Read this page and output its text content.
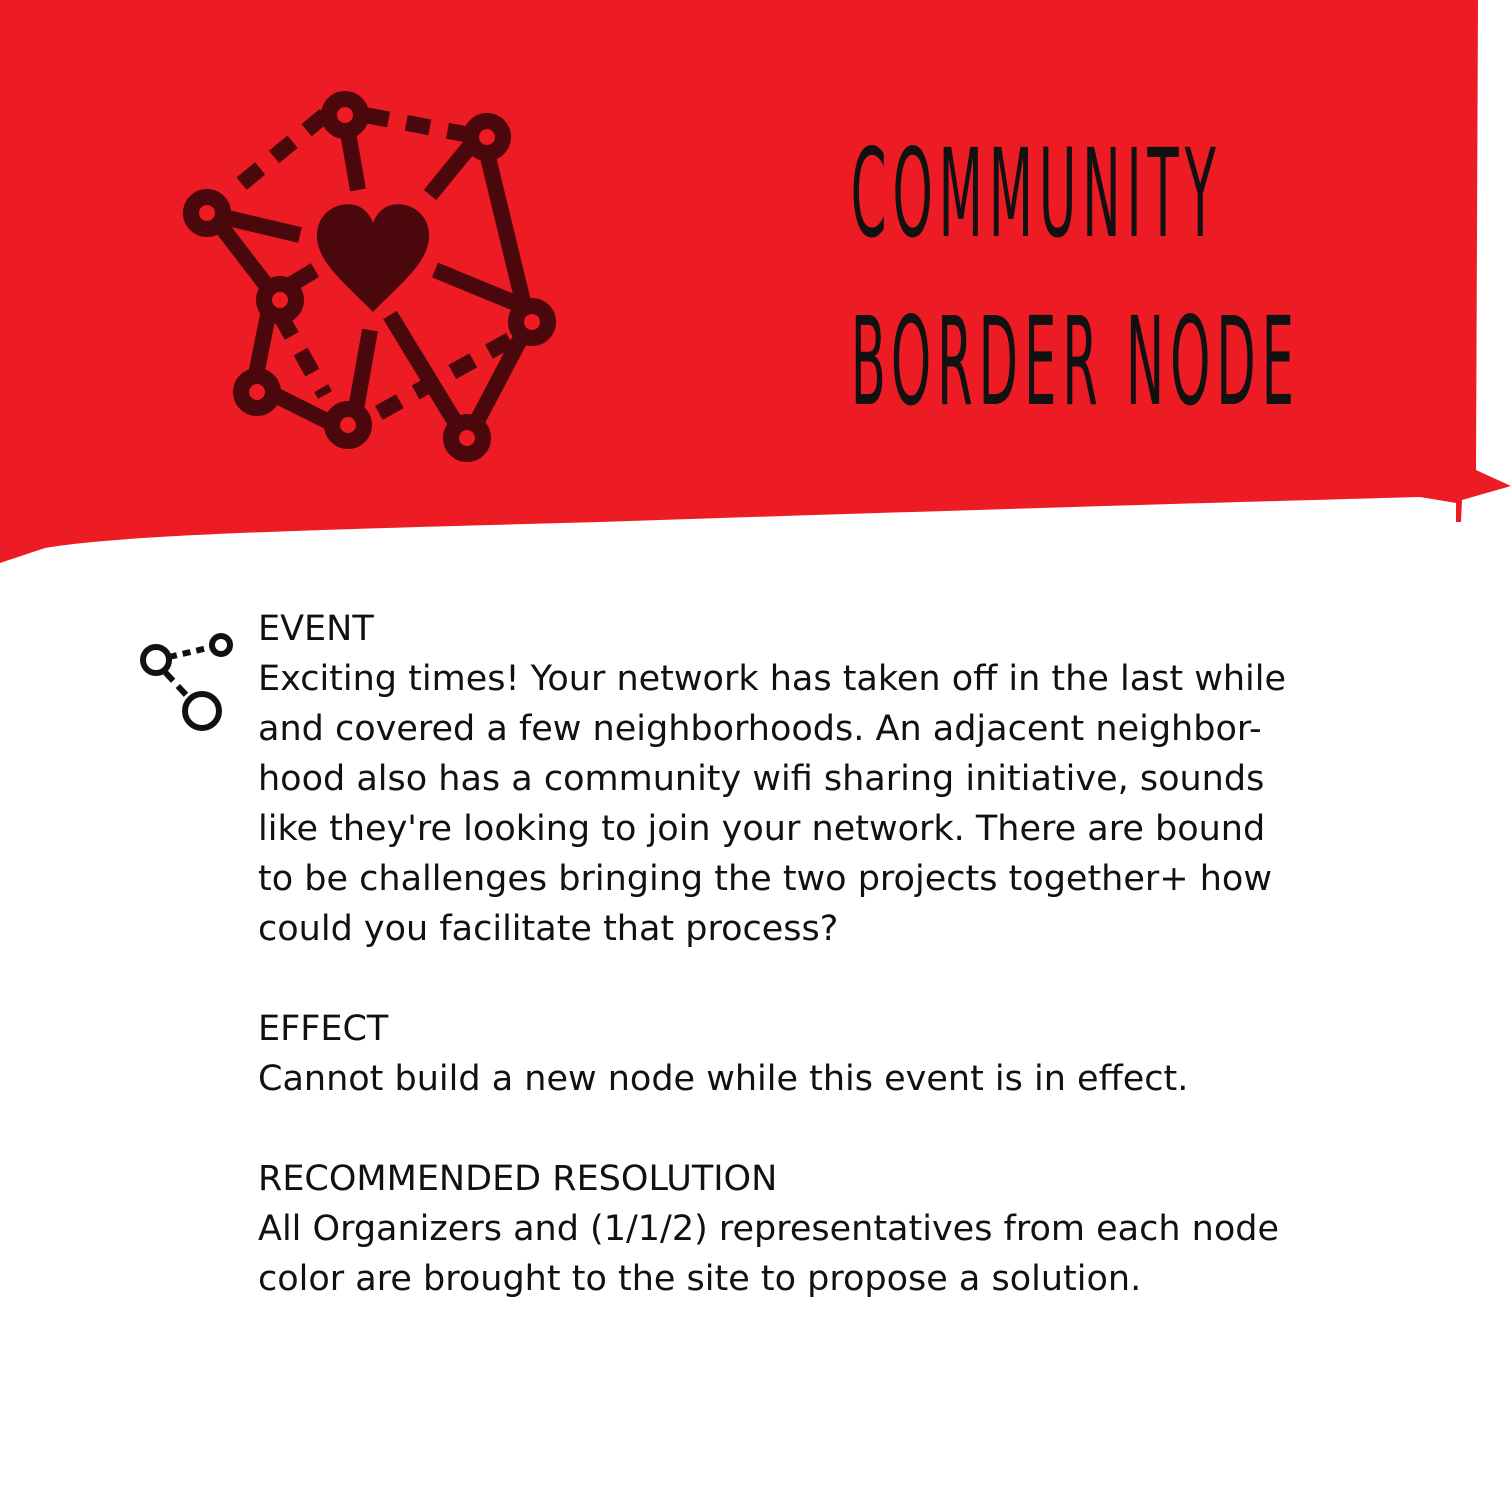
COMMUNITY
BORDER NODE
EVENT
Exciting times! Your network has taken off in the last while and covered a few neighborhoods. An adjacent neighbor-hood also has a community wifi sharing initiative, sounds like they're looking to join your network. There are bound to be challenges bringing the two projects together+ how could you facilitate that process?
EFFECT
Cannot build a new node while this event is in effect.
RECOMMENDED RESOLUTION
All Organizers and (1/1/2) representatives from each node color are brought to the site to propose a solution.
